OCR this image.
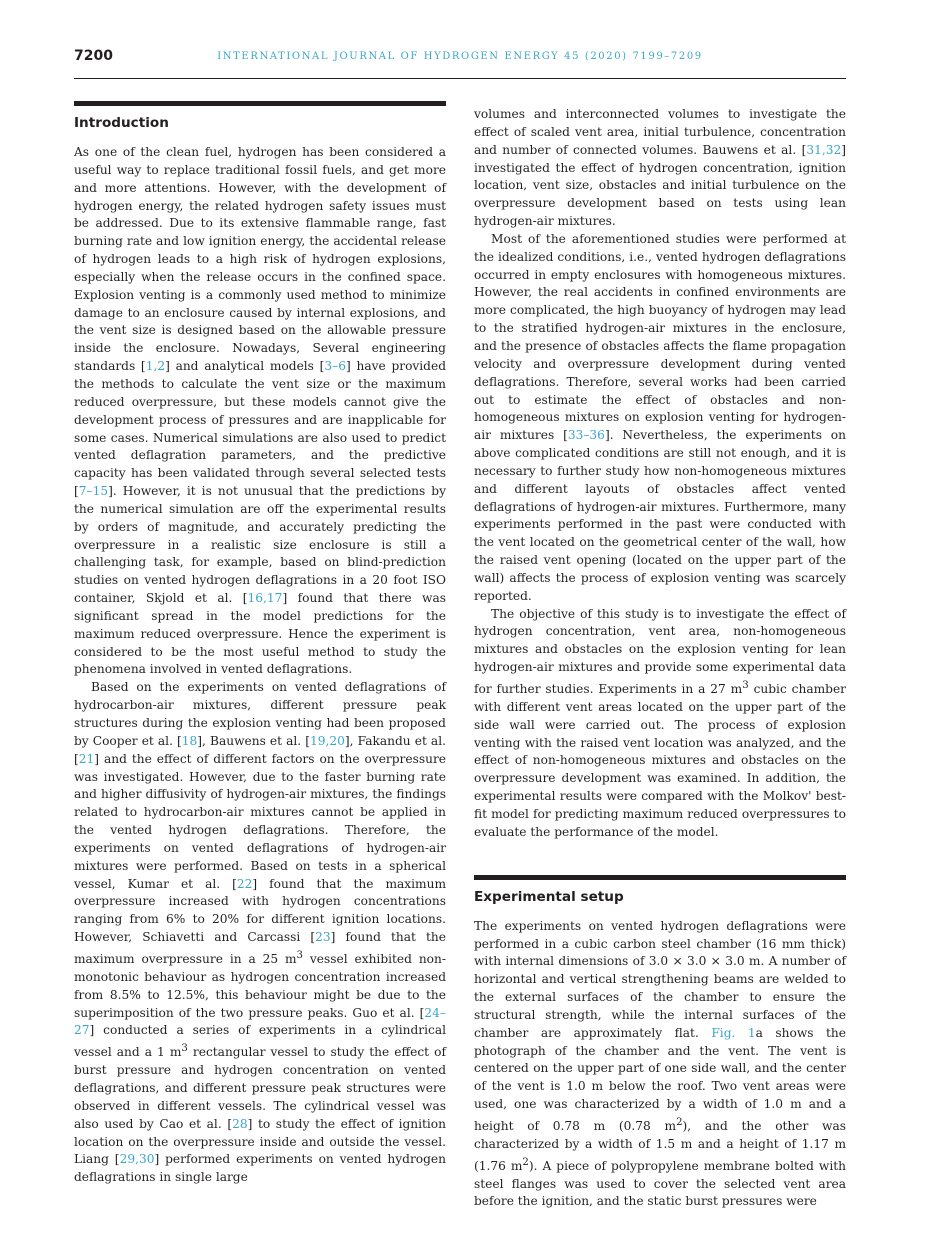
7200	INTERNATIONAL JOURNAL OF HYDROGEN ENERGY 45 (2020) 7199–7209
Introduction

As one of the clean fuel, hydrogen has been considered a useful way to replace traditional fossil fuels, and get more and more attentions. However, with the development of hydrogen energy, the related hydrogen safety issues must be addressed. Due to its extensive flammable range, fast burning rate and low ignition energy, the accidental release of hydrogen leads to a high risk of hydrogen explosions, especially when the release occurs in the confined space. Explosion venting is a commonly used method to minimize damage to an enclosure caused by internal explosions, and the vent size is designed based on the allowable pressure inside the enclosure. Nowadays, Several engineering standards [1,2] and analytical models [3–6] have provided the methods to calculate the vent size or the maximum reduced overpressure, but these models cannot give the development process of pressures and are inapplicable for some cases. Numerical simulations are also used to predict vented deflagration parameters, and the predictive capacity has been validated through several selected tests [7–15]. However, it is not unusual that the predictions by the numerical simulation are off the experimental results by orders of magnitude, and accurately predicting the overpressure in a realistic size enclosure is still a challenging task, for example, based on blind-prediction studies on vented hydrogen deflagrations in a 20 foot ISO container, Skjold et al. [16,17] found that there was significant spread in the model predictions for the maximum reduced overpressure. Hence the experiment is considered to be the most useful method to study the phenomena involved in vented deflagrations.

Based on the experiments on vented deflagrations of hydrocarbon-air mixtures, different pressure peak structures during the explosion venting had been proposed by Cooper et al. [18], Bauwens et al. [19,20], Fakandu et al. [21] and the effect of different factors on the overpressure was investigated. However, due to the faster burning rate and higher diffusivity of hydrogen-air mixtures, the findings related to hydrocarbon-air mixtures cannot be applied in the vented hydrogen deflagrations. Therefore, the experiments on vented deflagrations of hydrogen-air mixtures were performed. Based on tests in a spherical vessel, Kumar et al. [22] found that the maximum overpressure increased with hydrogen concentrations ranging from 6% to 20% for different ignition locations. However, Schiavetti and Carcassi [23] found that the maximum overpressure in a 25 $m^3$ vessel exhibited non-monotonic behaviour as hydrogen concentration increased from 8.5% to 12.5%, this behaviour might be due to the superimposition of the two pressure peaks. Guo et al. [24–27] conducted a series of experiments in a cylindrical vessel and a 1 $m^3$ rectangular vessel to study the effect of burst pressure and hydrogen concentration on vented deflagrations, and different pressure peak structures were observed in different vessels. The cylindrical vessel was also used by Cao et al. [28] to study the effect of ignition location on the overpressure inside and outside the vessel. Liang [29,30] performed experiments on vented hydrogen deflagrations in single large

volumes and interconnected volumes to investigate the effect of scaled vent area, initial turbulence, concentration and number of connected volumes. Bauwens et al. [31,32] investigated the effect of hydrogen concentration, ignition location, vent size, obstacles and initial turbulence on the overpressure development based on tests using lean hydrogen-air mixtures.

Most of the aforementioned studies were performed at the idealized conditions, i.e., vented hydrogen deflagrations occurred in empty enclosures with homogeneous mixtures. However, the real accidents in confined environments are more complicated, the high buoyancy of hydrogen may lead to the stratified hydrogen-air mixtures in the enclosure, and the presence of obstacles affects the flame propagation velocity and overpressure development during vented deflagrations. Therefore, several works had been carried out to estimate the effect of obstacles and non-homogeneous mixtures on explosion venting for hydrogen-air mixtures [33–36]. Nevertheless, the experiments on above complicated conditions are still not enough, and it is necessary to further study how non-homogeneous mixtures and different layouts of obstacles affect vented deflagrations of hydrogen-air mixtures. Furthermore, many experiments performed in the past were conducted with the vent located on the geometrical center of the wall, how the raised vent opening (located on the upper part of the wall) affects the process of explosion venting was scarcely reported.

The objective of this study is to investigate the effect of hydrogen concentration, vent area, non-homogeneous mixtures and obstacles on the explosion venting for lean hydrogen-air mixtures and provide some experimental data for further studies. Experiments in a 27 $m^3$ cubic chamber with different vent areas located on the upper part of the side wall were carried out. The process of explosion venting with the raised vent location was analyzed, and the effect of non-homogeneous mixtures and obstacles on the overpressure development was examined. In addition, the experimental results were compared with the Molkov' best-fit model for predicting maximum reduced overpressures to evaluate the performance of the model.

Experimental setup

The experiments on vented hydrogen deflagrations were performed in a cubic carbon steel chamber (16 mm thick) with internal dimensions of 3.0 × 3.0 × 3.0 m. A number of horizontal and vertical strengthening beams are welded to the external surfaces of the chamber to ensure the structural strength, while the internal surfaces of the chamber are approximately flat. Fig. 1a shows the photograph of the chamber and the vent. The vent is centered on the upper part of one side wall, and the center of the vent is 1.0 m below the roof. Two vent areas were used, one was characterized by a width of 1.0 m and a height of 0.78 m (0.78 $m^2$), and the other was characterized by a width of 1.5 m and a height of 1.17 m (1.76 $m^2$). A piece of polypropylene membrane bolted with steel flanges was used to cover the selected vent area before the ignition, and the static burst pressures were
